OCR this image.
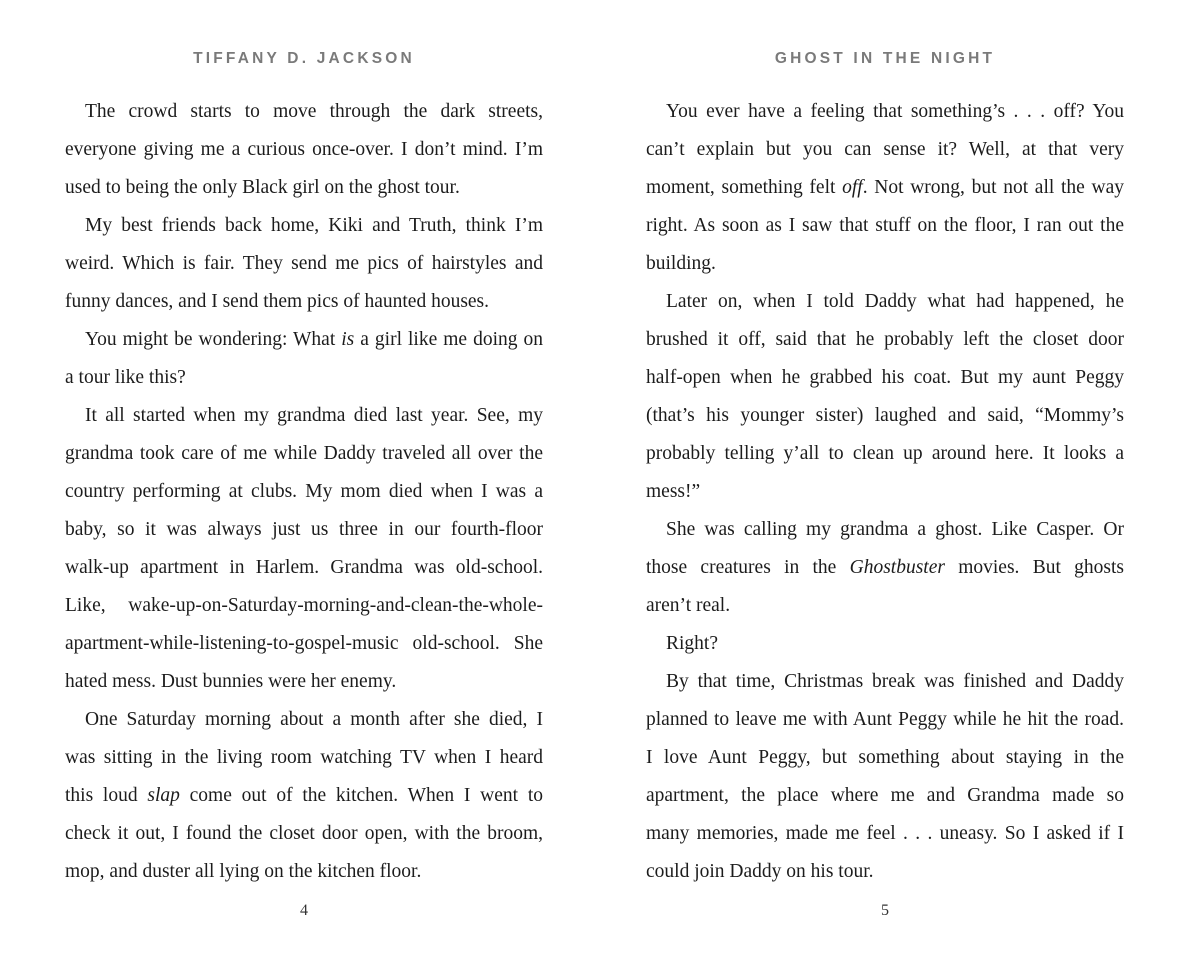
TIFFANY D. JACKSON

The crowd starts to move through the dark streets,
everyone giving me a curious once-over. I don’t mind. I’m
used to being the only Black girl on the ghost tour.

My best friends back home, Kiki and Truth, think I’m
weird. Which is fair. They send me pics of hairstyles and
funny dances, and I send them pics of haunted houses.

You might be wondering: What is a girl like me doing on
a tour like this?

It all started when my grandma died last year. See, my
grandma took care of me while Daddy traveled all over the
country performing at clubs. My mom died when I was a
baby, so it was always just us three in our fourth-floor
walk-up apartment in Harlem. Grandma was old-school.
Like, wake-up-on-Saturday-morning-and-clean-the-whole-
apartment-while-listening-to-gospel-music old-school. She
hated mess. Dust bunnies were her enemy.

One Saturday morning about a month after she died, I
was sitting in the living room watching TV when I heard
this loud slap come out of the kitchen. When I went to
check it out, I found the closet door open, with the broom,
mop, and duster all lying on the kitchen floor.

4
GHOST IN THE NIGHT

You ever have a feeling that something’s . . . off? You
can’t explain but you can sense it? Well, at that very
moment, something felt off. Not wrong, but not all the way
right. As soon as I saw that stuff on the floor, I ran out the
building.

Later on, when I told Daddy what had happened, he
brushed it off, said that he probably left the closet door
half-open when he grabbed his coat. But my aunt Peggy
(that’s his younger sister) laughed and said, “Mommy’s
probably telling y’all to clean up around here. It looks a
mess!”

She was calling my grandma a ghost. Like Casper. Or
those creatures in the Ghostbuster movies. But ghosts
aren’t real.

Right?

By that time, Christmas break was finished and Daddy
planned to leave me with Aunt Peggy while he hit the road.
I love Aunt Peggy, but something about staying in the
apartment, the place where me and Grandma made so
many memories, made me feel . . . uneasy. So I asked if I
could join Daddy on his tour.

5
